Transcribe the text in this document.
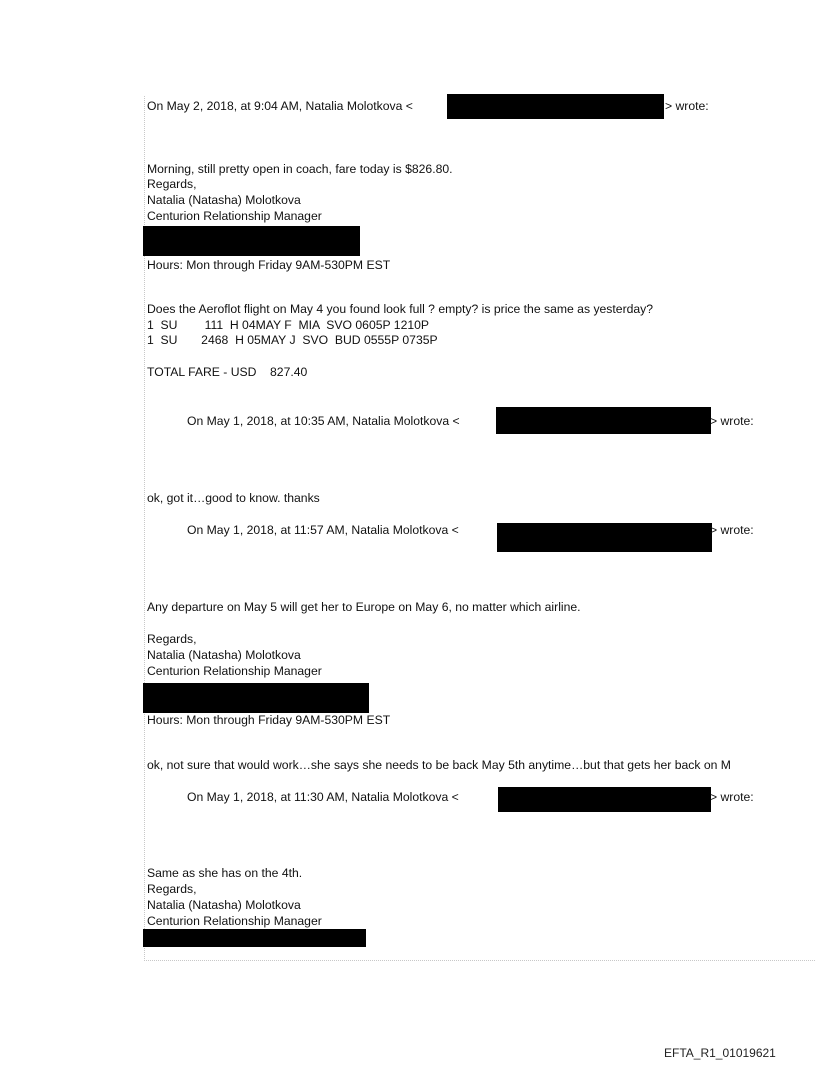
On May 2, 2018, at 9:04 AM, Natalia Molotkova <	> wrote:
Morning, still pretty open in coach, fare today is $826.80.
Regards,
Natalia (Natasha) Molotkova
Centurion Relationship Manager
Hours: Mon through Friday 9AM-530PM EST
Does the Aeroflot flight on May 4 you found look full ? empty? is price the same as yesterday?
1  SU        111  H 04MAY F  MIA  SVO 0605P 1210P
1  SU       2468  H 05MAY J  SVO  BUD 0555P 0735P
TOTAL FARE - USD    827.40
On May 1, 2018, at 10:35 AM, Natalia Molotkova <	> wrote:
ok, got it…good to know. thanks
On May 1, 2018, at 11:57 AM, Natalia Molotkova <	> wrote:
Any departure on May 5 will get her to Europe on May 6, no matter which airline.
Regards,
Natalia (Natasha) Molotkova
Centurion Relationship Manager
Hours: Mon through Friday 9AM-530PM EST
ok, not sure that would work…she says she needs to be back May 5th anytime…but that gets her back on M
On May 1, 2018, at 11:30 AM, Natalia Molotkova <	> wrote:
Same as she has on the 4th.
Regards,
Natalia (Natasha) Molotkova
Centurion Relationship Manager
EFTA_R1_01019621
